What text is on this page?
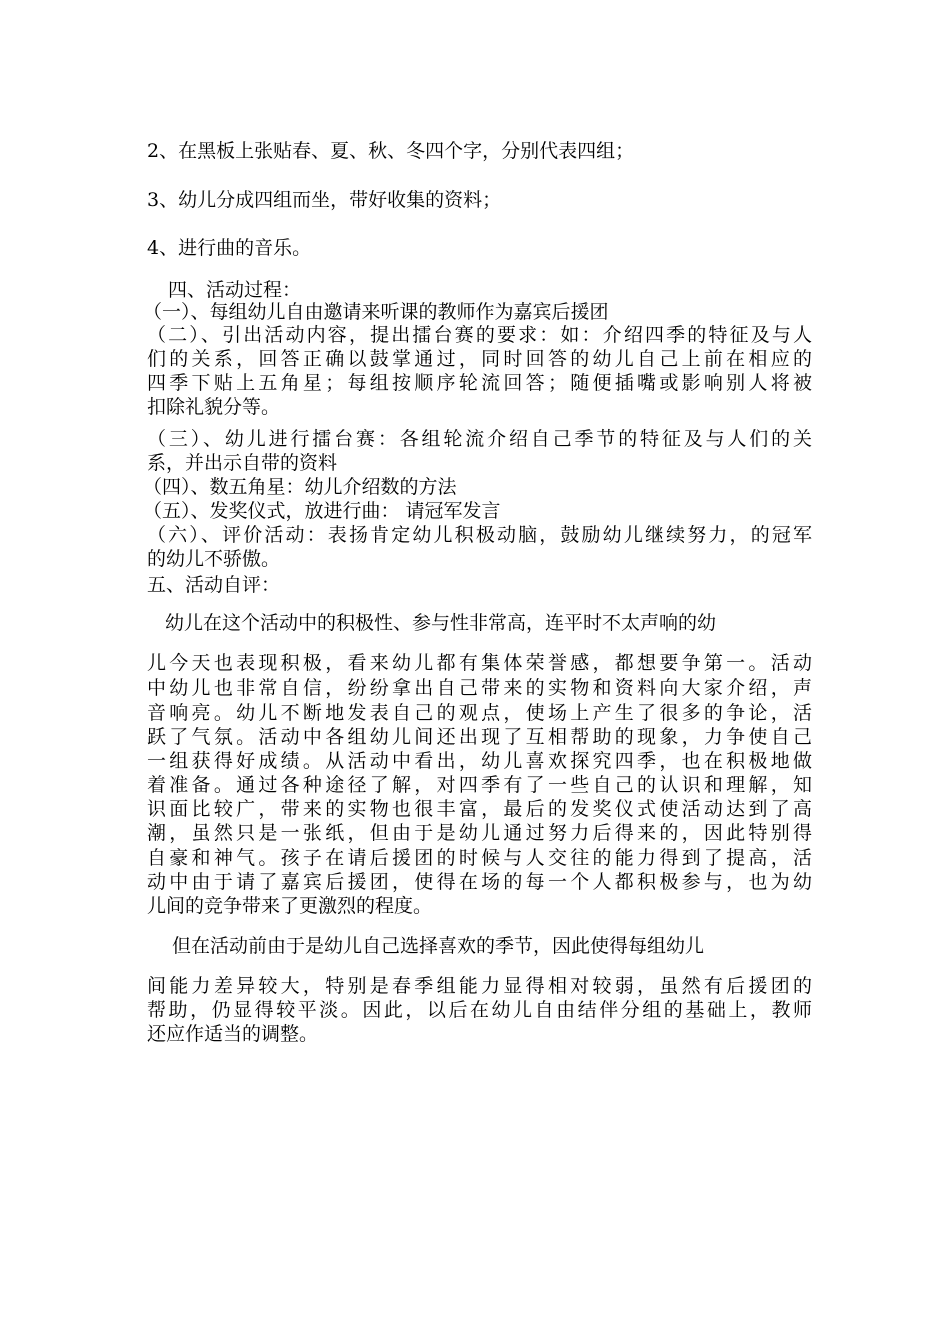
2、在黑板上张贴春、夏、秋、冬四个字，分别代表四组；
3、幼儿分成四组而坐，带好收集的资料；
4、进行曲的音乐。
四、活动过程：
（一）、每组幼儿自由邀请来听课的教师作为嘉宾后援团
（二）、引出活动内容，提出擂台赛的要求：如：介绍四季的特征及与人
们的关系，回答正确以鼓掌通过，同时回答的幼儿自己上前在相应的
四季下贴上五角星；每组按顺序轮流回答；随便插嘴或影响别人将被
扣除礼貌分等。
（三）、幼儿进行擂台赛：各组轮流介绍自己季节的特征及与人们的关
系，并出示自带的资料
（四）、数五角星：幼儿介绍数的方法
（五）、发奖仪式，放进行曲： 请冠军发言
（六）、评价活动：表扬肯定幼儿积极动脑，鼓励幼儿继续努力，的冠军
的幼儿不骄傲。
五、活动自评：
幼儿在这个活动中的积极性、参与性非常高，连平时不太声响的幼
儿今天也表现积极，看来幼儿都有集体荣誉感，都想要争第一。活动
中幼儿也非常自信，纷纷拿出自己带来的实物和资料向大家介绍，声
音响亮。幼儿不断地发表自己的观点，使场上产生了很多的争论，活
跃了气氛。活动中各组幼儿间还出现了互相帮助的现象，力争使自己
一组获得好成绩。从活动中看出，幼儿喜欢探究四季，也在积极地做
着准备。通过各种途径了解，对四季有了一些自己的认识和理解，知
识面比较广，带来的实物也很丰富，最后的发奖仪式使活动达到了高
潮，虽然只是一张纸，但由于是幼儿通过努力后得来的，因此特别得
自豪和神气。孩子在请后援团的时候与人交往的能力得到了提高，活
动中由于请了嘉宾后援团，使得在场的每一个人都积极参与，也为幼
儿间的竞争带来了更激烈的程度。
但在活动前由于是幼儿自己选择喜欢的季节，因此使得每组幼儿
间能力差异较大，特别是春季组能力显得相对较弱，虽然有后援团的
帮助，仍显得较平淡。因此，以后在幼儿自由结伴分组的基础上，教师
还应作适当的调整。
